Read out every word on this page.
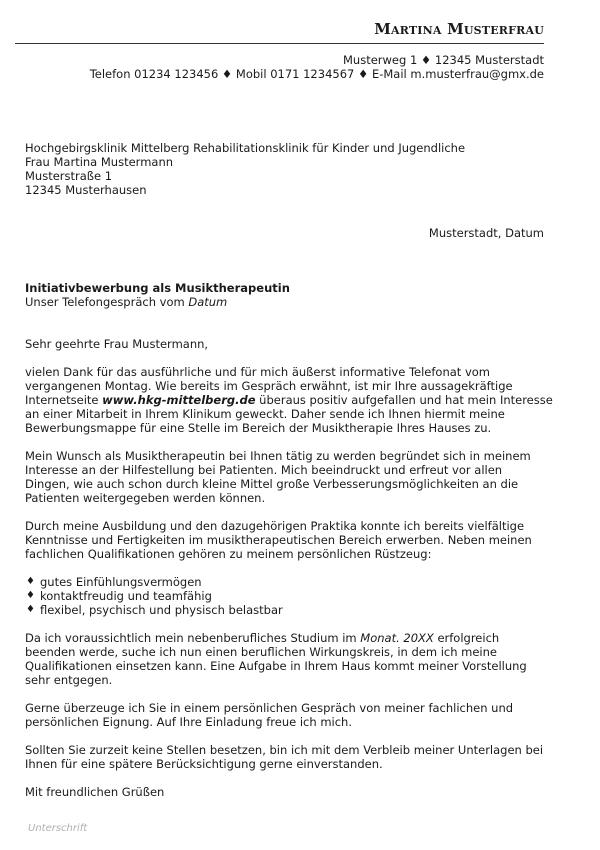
Martina Musterfrau
Musterweg 1 ♦ 12345 Musterstadt
Telefon 01234 123456 ♦ Mobil 0171 1234567 ♦ E-Mail m.musterfrau@gmx.de
Hochgebirgsklinik Mittelberg Rehabilitationsklinik für Kinder und Jugendliche
Frau Martina Mustermann
Musterstraße 1
12345 Musterhausen
Musterstadt, Datum
Initiativbewerbung als Musiktherapeutin
Unser Telefongespräch vom Datum

Sehr geehrte Frau Mustermann,

vielen Dank für das ausführliche und für mich äußerst informative Telefonat vom
vergangenen Montag. Wie bereits im Gespräch erwähnt, ist mir Ihre aussagekräftige
Internetseite www.hkg-mittelberg.de überaus positiv aufgefallen und hat mein Interesse
an einer Mitarbeit in Ihrem Klinikum geweckt. Daher sende ich Ihnen hiermit meine
Bewerbungsmappe für eine Stelle im Bereich der Musiktherapie Ihres Hauses zu.

Mein Wunsch als Musiktherapeutin bei Ihnen tätig zu werden begründet sich in meinem
Interesse an der Hilfestellung bei Patienten. Mich beeindruckt und erfreut vor allen
Dingen, wie auch schon durch kleine Mittel große Verbesserungsmöglichkeiten an die
Patienten weitergegeben werden können.

Durch meine Ausbildung und den dazugehörigen Praktika konnte ich bereits vielfältige
Kenntnisse und Fertigkeiten im musiktherapeutischen Bereich erwerben. Neben meinen
fachlichen Qualifikationen gehören zu meinem persönlichen Rüstzeug:

♦ gutes Einfühlungsvermögen
♦ kontaktfreudig und teamfähig
♦ flexibel, psychisch und physisch belastbar

Da ich voraussichtlich mein nebenberufliches Studium im Monat. 20XX erfolgreich
beenden werde, suche ich nun einen beruflichen Wirkungskreis, in dem ich meine
Qualifikationen einsetzen kann. Eine Aufgabe in Ihrem Haus kommt meiner Vorstellung
sehr entgegen.

Gerne überzeuge ich Sie in einem persönlichen Gespräch von meiner fachlichen und
persönlichen Eignung. Auf Ihre Einladung freue ich mich.

Sollten Sie zurzeit keine Stellen besetzen, bin ich mit dem Verbleib meiner Unterlagen bei
Ihnen für eine spätere Berücksichtigung gerne einverstanden.

Mit freundlichen Grüßen

Unterschrift
